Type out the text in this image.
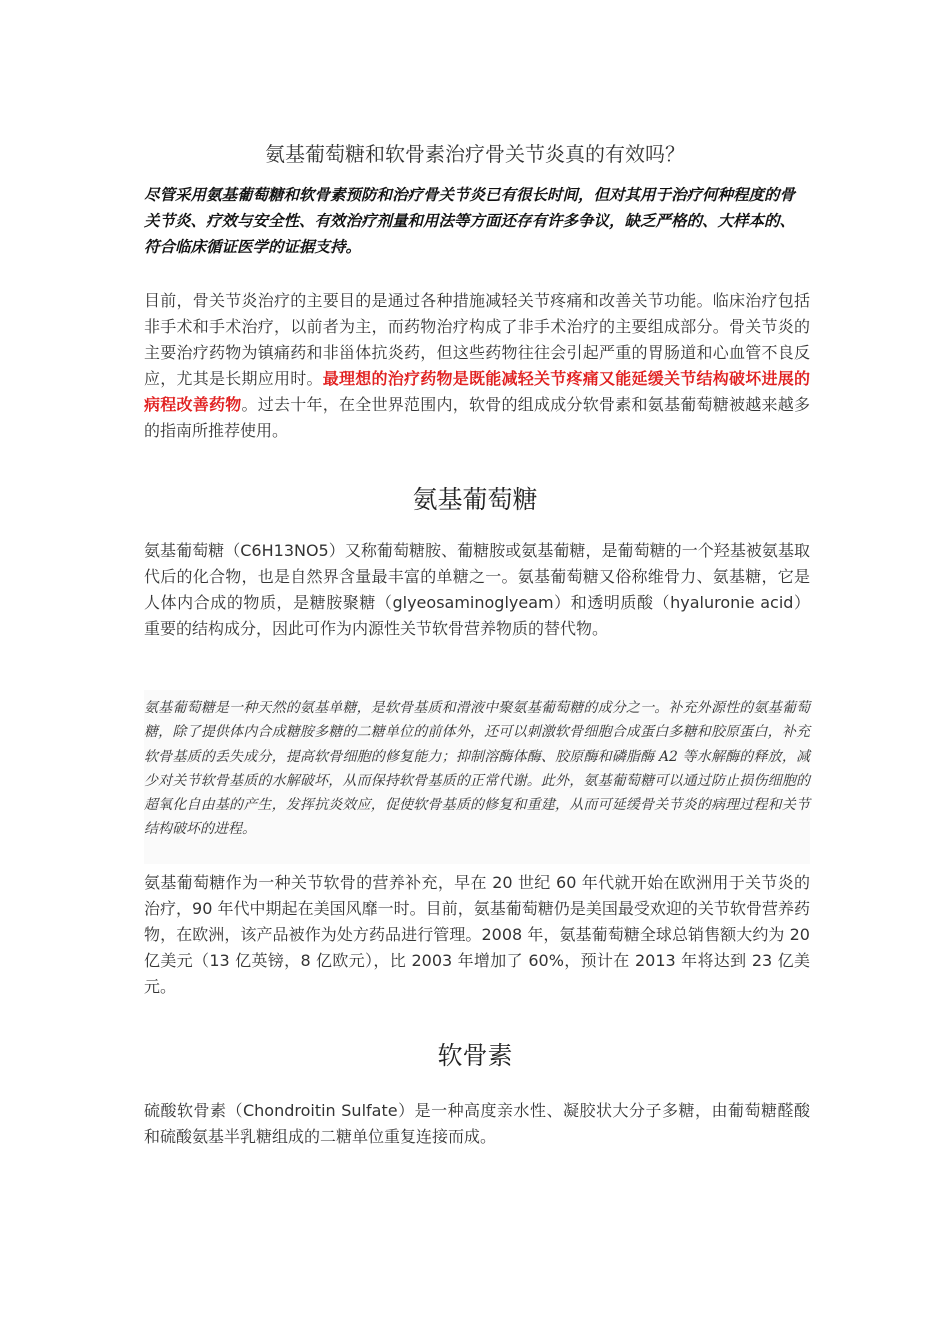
氨基葡萄糖和软骨素治疗骨关节炎真的有效吗？

尽管采用氨基葡萄糖和软骨素预防和治疗骨关节炎已有很长时间，但对其用于治疗何种程度的骨关节炎、疗效与安全性、有效治疗剂量和用法等方面还存有许多争议，缺乏严格的、大样本的、符合临床循证医学的证据支持。

目前，骨关节炎治疗的主要目的是通过各种措施减轻关节疼痛和改善关节功能。临床治疗包括非手术和手术治疗，以前者为主，而药物治疗构成了非手术治疗的主要组成部分。骨关节炎的主要治疗药物为镇痛药和非甾体抗炎药，但这些药物往往会引起严重的胃肠道和心血管不良反应，尤其是长期应用时。最理想的治疗药物是既能减轻关节疼痛又能延缓关节结构破坏进展的病程改善药物。过去十年，在全世界范围内，软骨的组成成分软骨素和氨基葡萄糖被越来越多的指南所推荐使用。

氨基葡萄糖

氨基葡萄糖（C6H13NO5）又称葡萄糖胺、葡糖胺或氨基葡糖，是葡萄糖的一个羟基被氨基取代后的化合物，也是自然界含量最丰富的单糖之一。氨基葡萄糖又俗称维骨力、氨基糖，它是人体内合成的物质，是糖胺聚糖（glyeosaminoglyeam）和透明质酸（hyaluronie acid）重要的结构成分，因此可作为内源性关节软骨营养物质的替代物。

氨基葡萄糖是一种天然的氨基单糖，是软骨基质和滑液中聚氨基葡萄糖的成分之一。补充外源性的氨基葡萄糖，除了提供体内合成糖胺多糖的二糖单位的前体外，还可以刺激软骨细胞合成蛋白多糖和胶原蛋白，补充软骨基质的丢失成分，提高软骨细胞的修复能力；抑制溶酶体酶、胶原酶和磷脂酶 A2 等水解酶的释放，减少对关节软骨基质的水解破坏，从而保持软骨基质的正常代谢。此外，氨基葡萄糖可以通过防止损伤细胞的超氧化自由基的产生，发挥抗炎效应，促使软骨基质的修复和重建，从而可延缓骨关节炎的病理过程和关节结构破坏的进程。

氨基葡萄糖作为一种关节软骨的营养补充，早在 20 世纪 60 年代就开始在欧洲用于关节炎的治疗，90 年代中期起在美国风靡一时。目前，氨基葡萄糖仍是美国最受欢迎的关节软骨营养药物，在欧洲，该产品被作为处方药品进行管理。2008 年，氨基葡萄糖全球总销售额大约为 20 亿美元（13 亿英镑，8 亿欧元），比 2003 年增加了 60%，预计在 2013 年将达到 23 亿美元。

软骨素

硫酸软骨素（Chondroitin Sulfate）是一种高度亲水性、凝胶状大分子多糖，由葡萄糖醛酸和硫酸氨基半乳糖组成的二糖单位重复连接而成。
